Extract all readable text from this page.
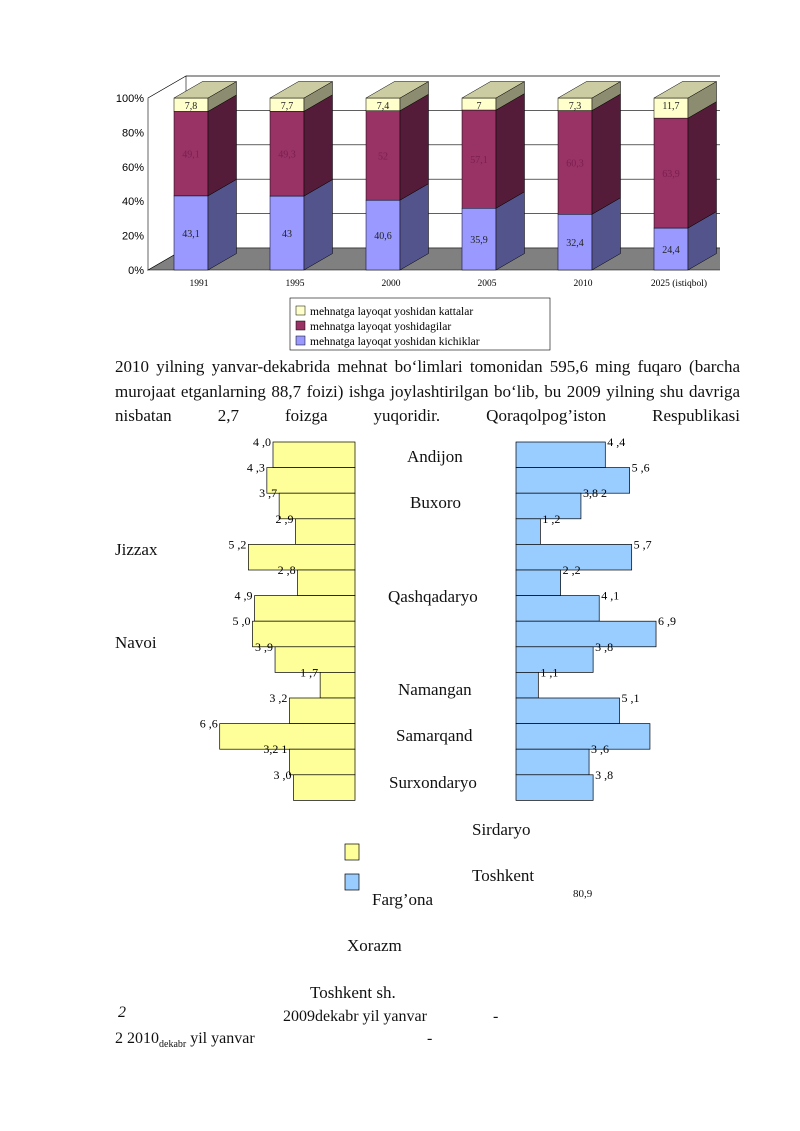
0%
20%
40%
60%
80%
100%
43,1
49,1
7,8
1991
43
49,3
7,7
1995
40,6
52
7,4
2000
35,9
57,1
7
2005
32,4
60,3
7,3
2010
24,4
63,9
11,7
2025 (istiqbol)
mehnatga layoqat yoshidan kattalar
mehnatga layoqat yoshidagilar
mehnatga layoqat yoshidan kichiklar
2010 yilning yanvar-dekabrida mehnat bo‘limlari tomonidan 595,6 ming fuqaro (barcha murojaat etganlarning 88,7 foizi) ishga joylashtirilgan bo‘lib, bu 2009 yilning shu davriga nisbatan 2,7 foizga yuqoridir. Qoraqolpog’iston Respublikasi
4 ,0
4 ,3
3 ,7
2 ,9
5 ,2
2 ,8
4 ,9
5 ,0
3 ,9
1 ,7
3 ,2
6 ,6
3,2 1
3 ,0
4 ,4
5 ,6
3,8 2
1 ,2
5 ,7
2 ,2
4 ,1
6 ,9
3 ,8
1 ,1
5 ,1
3 ,6
3 ,8
Andijon
Buxoro
Jizzax
Qashqadaryo
Navoi
Namangan
Samarqand
Surxondaryo
Sirdaryo
Toshkent
Farg’ona	80,9
Xorazm
Toshkent sh.
2	2009dekabr yil yanvar	-
2 $2010_{dekabr}$ yil yanvar	-
